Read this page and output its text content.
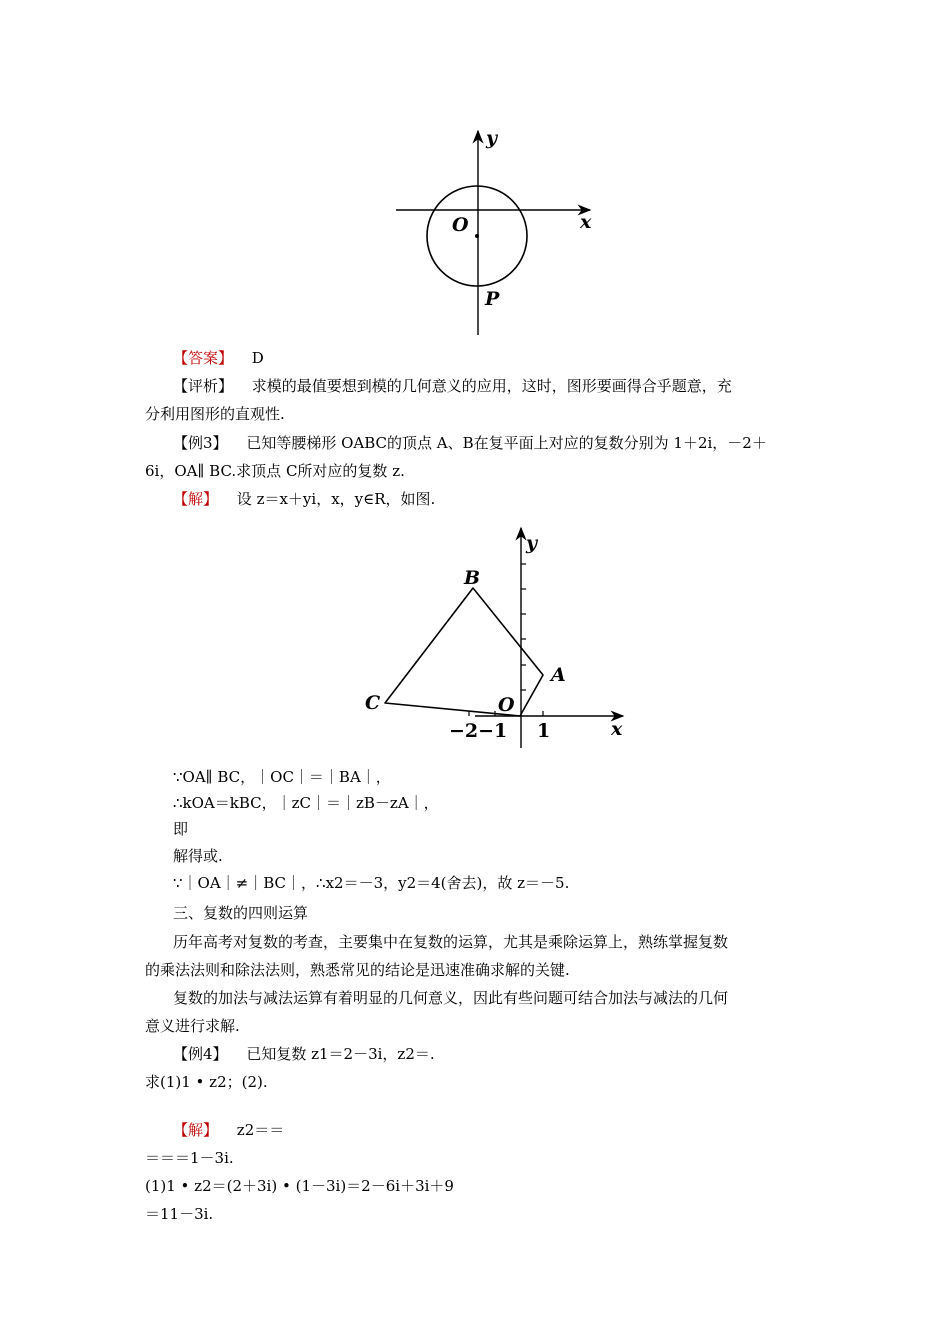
y
x
O
P
【答案】 D
【评析】 求模的最值要想到模的几何意义的应用，这时，图形要画得合乎题意，充
分利用图形的直观性.
【例3】 已知等腰梯形 OABC的顶点 A、B在复平面上对应的复数分别为 1＋2i，－2＋
6i，OA∥ BC.求顶点 C所对应的复数 z.
【解】 设 z＝x＋yi，x，y∈R，如图.
y
x
B
A
C	O
−2−1 1
∵OA∥ BC，｜OC｜＝｜BA｜，
∴kOA＝kBC，｜zC｜＝｜zB－zA｜，
即
解得或.
∵｜OA｜≠｜BC｜，∴x2＝－3，y2＝4(舍去)，故 z＝－5.
三、复数的四则运算
历年高考对复数的考查，主要集中在复数的运算，尤其是乘除运算上，熟练掌握复数
的乘法法则和除法法则，熟悉常见的结论是迅速准确求解的关键.
复数的加法与减法运算有着明显的几何意义，因此有些问题可结合加法与减法的几何
意义进行求解.
【例4】 已知复数 z1＝2－3i，z2＝.
求(1)1 • z2；(2).
【解】 z2＝＝
＝＝＝1－3i.
(1)1 • z2＝(2＋3i) • (1－3i)＝2－6i＋3i＋9
＝11－3i.
